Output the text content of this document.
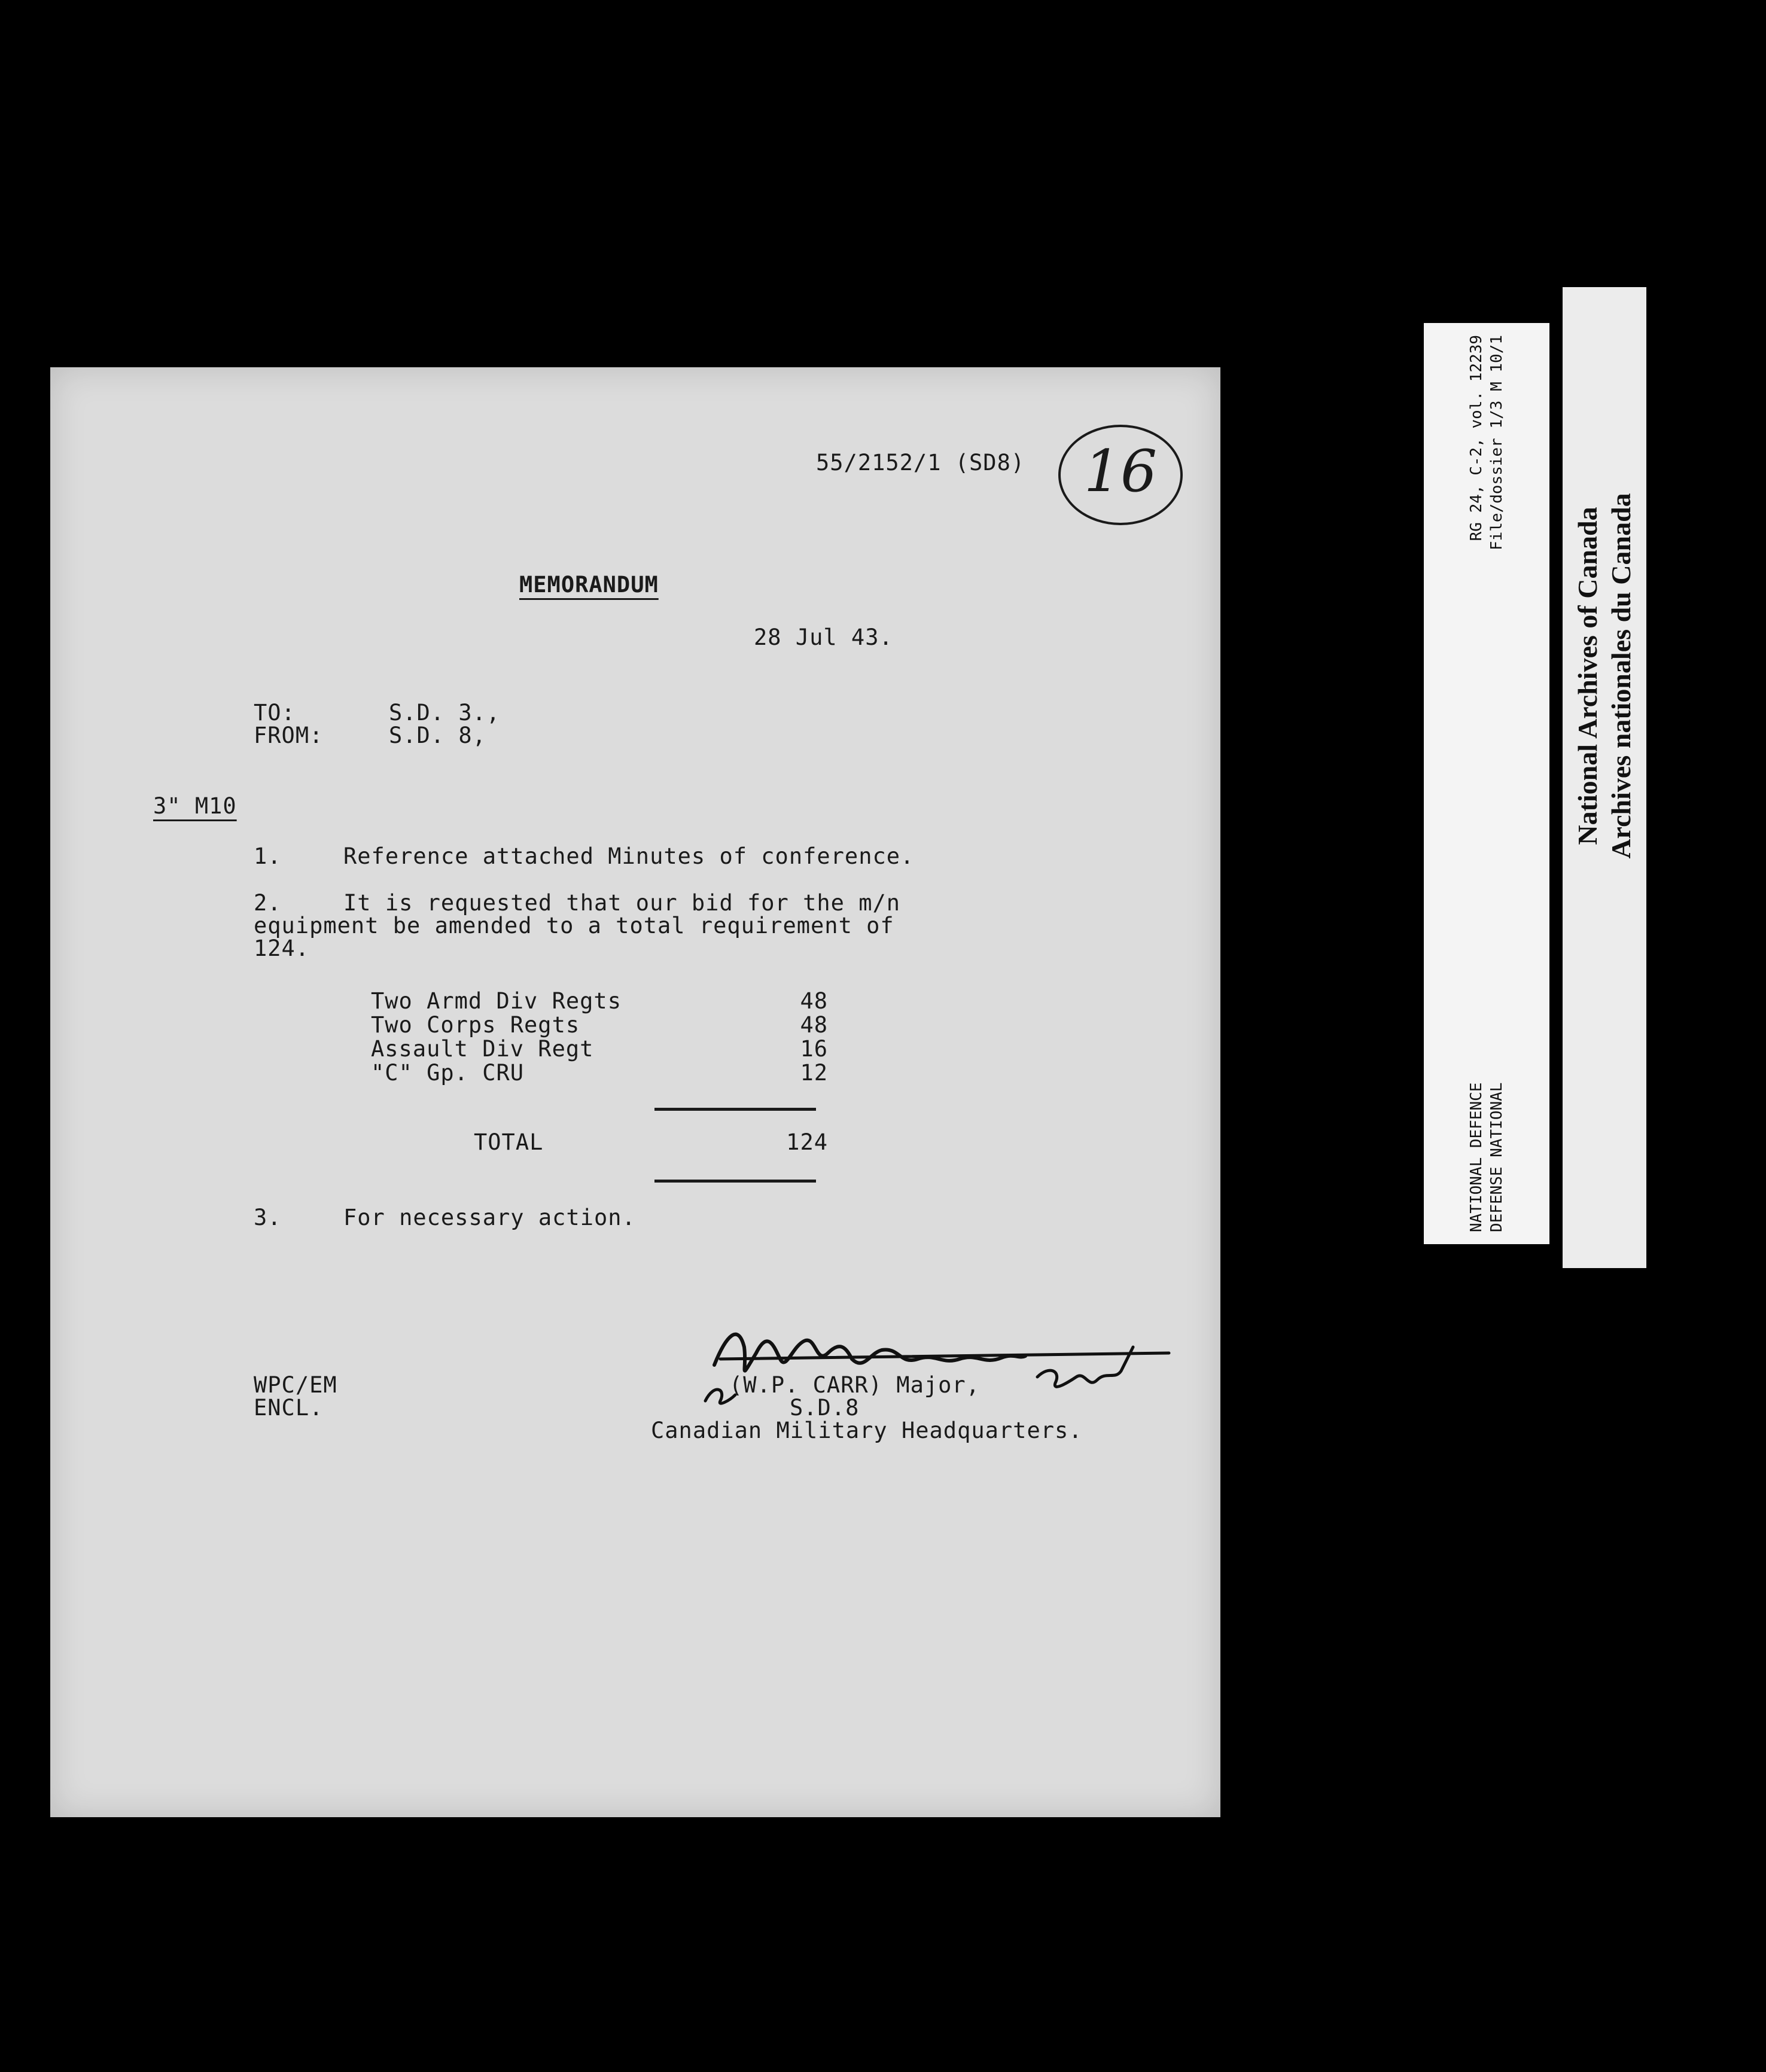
55/2152/1 (SD8)	16
MEMORANDUM
28 Jul 43.
TO:	S.D. 3.,
FROM:	S.D. 8,
3" M10
1.	Reference attached Minutes of conference.
2.	It is requested that our bid for the m/n
equipment be amended to a total requirement of
124.
Two Armd Div Regts	48
Two Corps Regts	48
Assault Div Regt	16
"C" Gp. CRU	12
TOTAL	124
3.	For necessary action.
WPC/EM
ENCL.
(W.P. CARR) Major,
S.D.8
Canadian Military Headquarters.
NATIONAL DEFENCE DEFENSE NATIONAL
RG 24, C-2, vol. 12239 File/dossier 1/3 M 10/1
National Archives of Canada Archives nationales du Canada
